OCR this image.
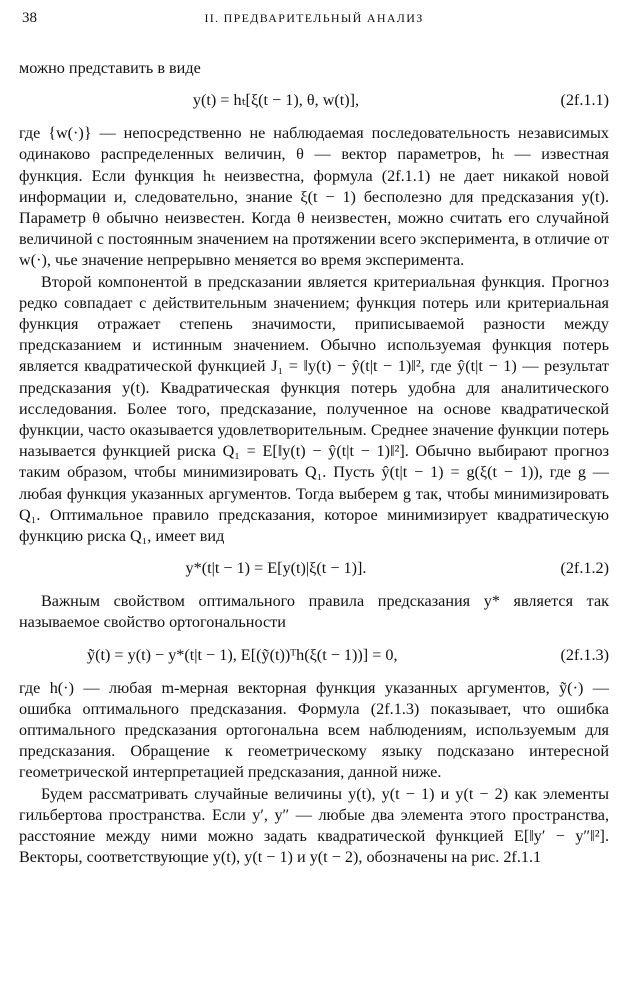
38	II. ПРЕДВАРИТЕЛЬНЫЙ АНАЛИЗ

можно представить в виде

y(t) = hₜ[ξ(t − 1), θ, w(t)],	(2f.1.1)

где {w(·)} — непосредственно не наблюдаемая последовательность независимых одинаково распределенных величин, θ — вектор параметров, hₜ — известная функция. Если функция hₜ неизвестна, формула (2f.1.1) не дает никакой новой информации и, следовательно, знание ξ(t − 1) бесполезно для предсказания y(t). Параметр θ обычно неизвестен. Когда θ неизвестен, можно считать его случайной величиной с постоянным значением на протяжении всего эксперимента, в отличие от w(·), чье значение непрерывно меняется во время эксперимента.

Второй компонентой в предсказании является критериальная функция. Прогноз редко совпадает с действительным значением; функция потерь или критериальная функция отражает степень значимости, приписываемой разности между предсказанием и истинным значением. Обычно используемая функция потерь является квадратической функцией J₁ = ‖y(t) − ŷ(t|t − 1)‖², где ŷ(t|t − 1) — результат предсказания y(t). Квадратическая функция потерь удобна для аналитического исследования. Более того, предсказание, полученное на основе квадратической функции, часто оказывается удовлетворительным. Среднее значение функции потерь называется функцией риска Q₁ = E[‖y(t) − ŷ(t|t − 1)‖²]. Обычно выбирают прогноз таким образом, чтобы минимизировать Q₁. Пусть ŷ(t|t − 1) = g(ξ(t − 1)), где g — любая функция указанных аргументов. Тогда выберем g так, чтобы минимизировать Q₁. Оптимальное правило предсказания, которое минимизирует квадратическую функцию риска Q₁, имеет вид

y*(t|t − 1) = E[y(t)|ξ(t − 1)].	(2f.1.2)

Важным свойством оптимального правила предсказания y* является так называемое свойство ортогональности

ỹ(t) = y(t) − y*(t|t − 1), E[(ỹ(t))ᵀh(ξ(t − 1))] = 0,	(2f.1.3)

где h(·) — любая m-мерная векторная функция указанных аргументов, ỹ(·) — ошибка оптимального предсказания. Формула (2f.1.3) показывает, что ошибка оптимального предсказания ортогональна всем наблюдениям, используемым для предсказания. Обращение к геометрическому языку подсказано интересной геометрической интерпретацией предсказания, данной ниже.

Будем рассматривать случайные величины y(t), y(t − 1) и y(t − 2) как элементы гильбертова пространства. Если y′, y″ — любые два элемента этого пространства, расстояние между ними можно задать квадратической функцией E[‖y′ − y″‖²]. Векторы, соответствующие y(t), y(t − 1) и y(t − 2), обозначены на рис. 2f.1.1
